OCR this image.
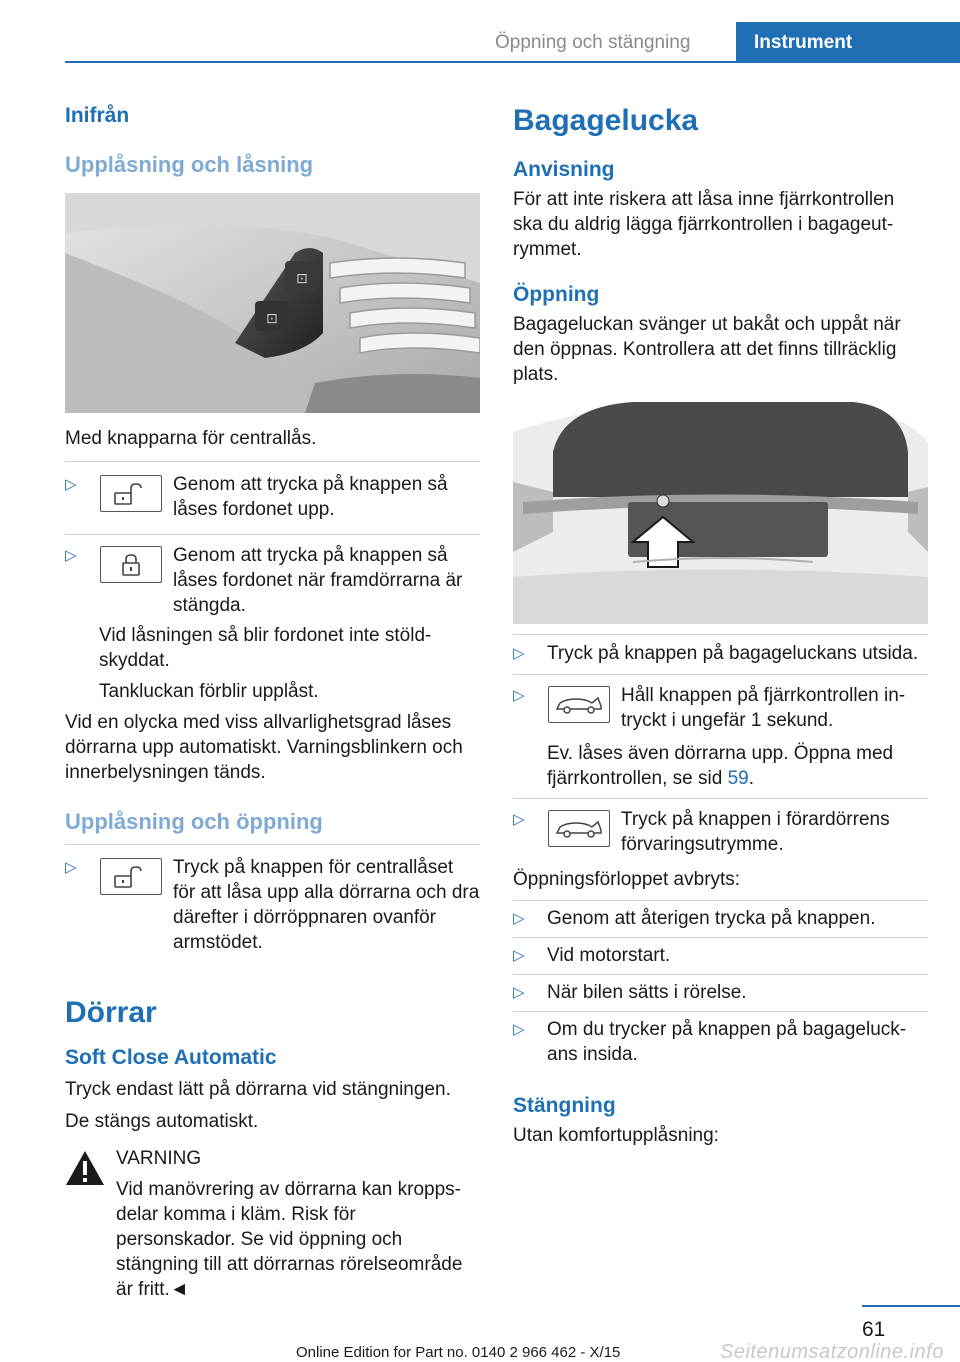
Öppning och stängning	Instrument
Inifrån
Upplåsning och låsning
⊡
⊡
Med knapparna för centrallås.
▷	Genom att trycka på knappen så låses fordonet upp.
▷	Genom att trycka på knappen så låses fordonet när framdörrarna är stängda.
Vid låsningen så blir fordonet inte stöldskyddat.
Tankluckan förblir upplåst.
Vid en olycka med viss allvarlighetsgrad låses dörrarna upp automatiskt. Varningsblinkern och innerbelysningen tänds.
Upplåsning och öppning
▷	Tryck på knappen för centrallåset för att låsa upp alla dörrarna och dra därefter i dörröppnaren ovanför armstödet.
Dörrar
Soft Close Automatic
Tryck endast lätt på dörrarna vid stängningen.
De stängs automatiskt.
VARNING
Vid manövrering av dörrarna kan kroppsdelar komma i kläm. Risk för personskador. Se vid öppning och stängning till att dörrarnas rörelseområde är fritt.◄
Bagagelucka
Anvisning
För att inte riskera att låsa inne fjärrkontrollen ska du aldrig lägga fjärrkontrollen i bagageutrymmet.
Öppning
Bagageluckan svänger ut bakåt och uppåt när den öppnas. Kontrollera att det finns tillräcklig plats.
▷ Tryck på knappen på bagageluckans utsida.
▷	Håll knappen på fjärrkontrollen intryckt i ungefär 1 sekund.
Ev. låses även dörrarna upp. Öppna med fjärrkontrollen, se sid 59.
▷	Tryck på knappen i förardörrens förvaringsutrymme.
Öppningsförloppet avbryts:
▷ Genom att återigen trycka på knappen.
▷ Vid motorstart.
▷ När bilen sätts i rörelse.
▷ Om du trycker på knappen på bagageluckans insida.
Stängning
Utan komfortupplåsning:
61
Online Edition for Part no. 0140 2 966 462 - X/15	Seitenumsatzonline.info
